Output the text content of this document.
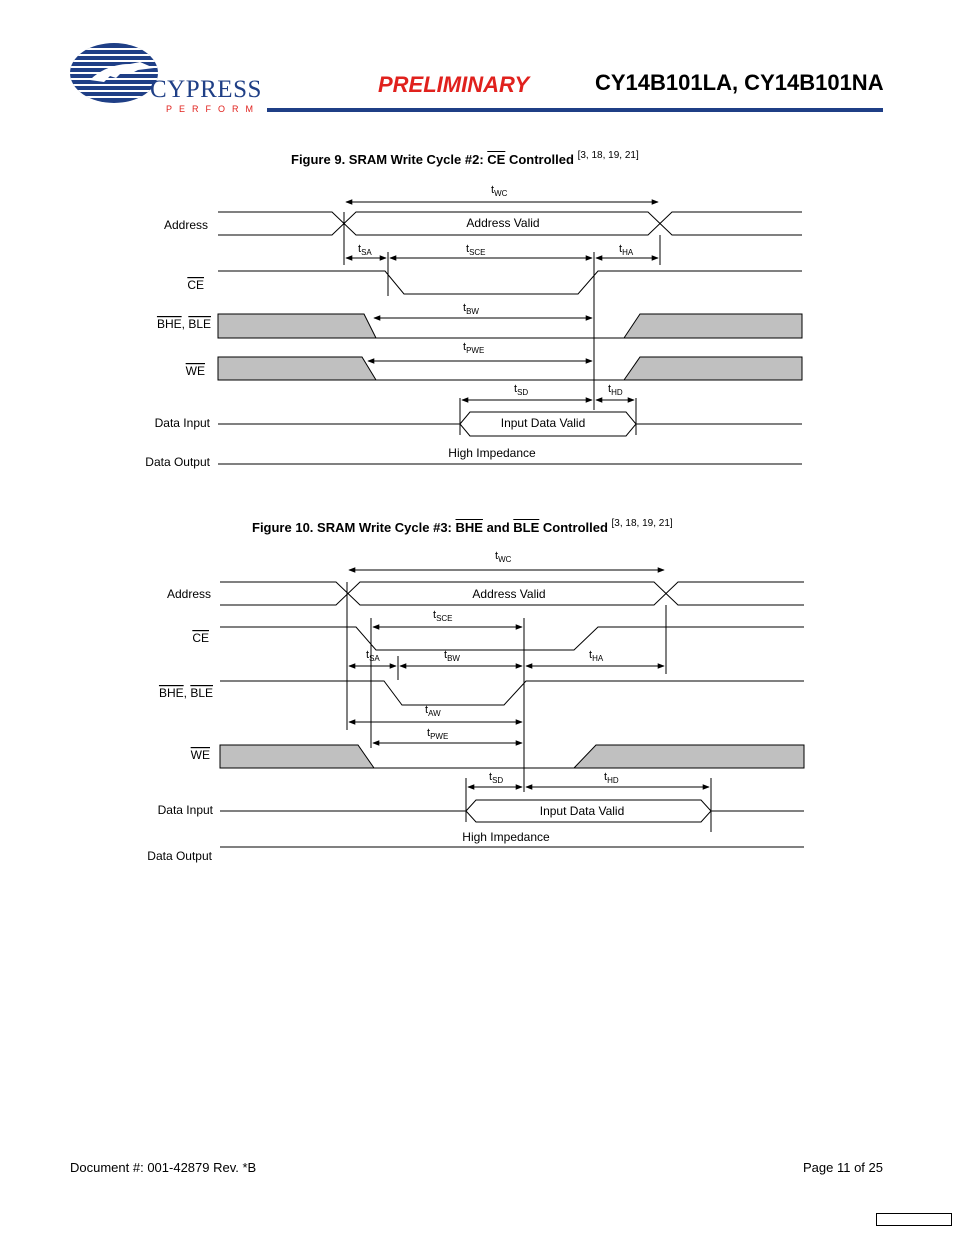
CYPRESS
PERFORM
PRELIMINARY	CY14B101LA, CY14B101NA
Figure 9. SRAM Write Cycle #2: $\overline{CE}$ Controlled [3, 18, 19, 21]
Address
CE
BHE, BLE
WE
Data Input
Data Output
Address Valid
$t_{WC}$
$t_{SA}$	$t_{SCE}$	$t_{HA}$
$t_{BW}$
$t_{PWE}$
$t_{SD}$	$t_{HD}$
Input Data Valid
High Impedance
Figure 10. SRAM Write Cycle #3: $\overline{BHE}$ and $\overline{BLE}$ Controlled [3, 18, 19, 21]
Address
CE
BHE, BLE
WE
Data Input
Data Output
Address Valid
$t_{WC}$
$t_{SCE}$
$t_{SA}$	$t_{BW}$	$t_{HA}$
$t_{AW}$
$t_{PWE}$
$t_{SD}$	$t_{HD}$
Input Data Valid
High Impedance
Document #: 001-42879 Rev. *B	Page 11 of 25
